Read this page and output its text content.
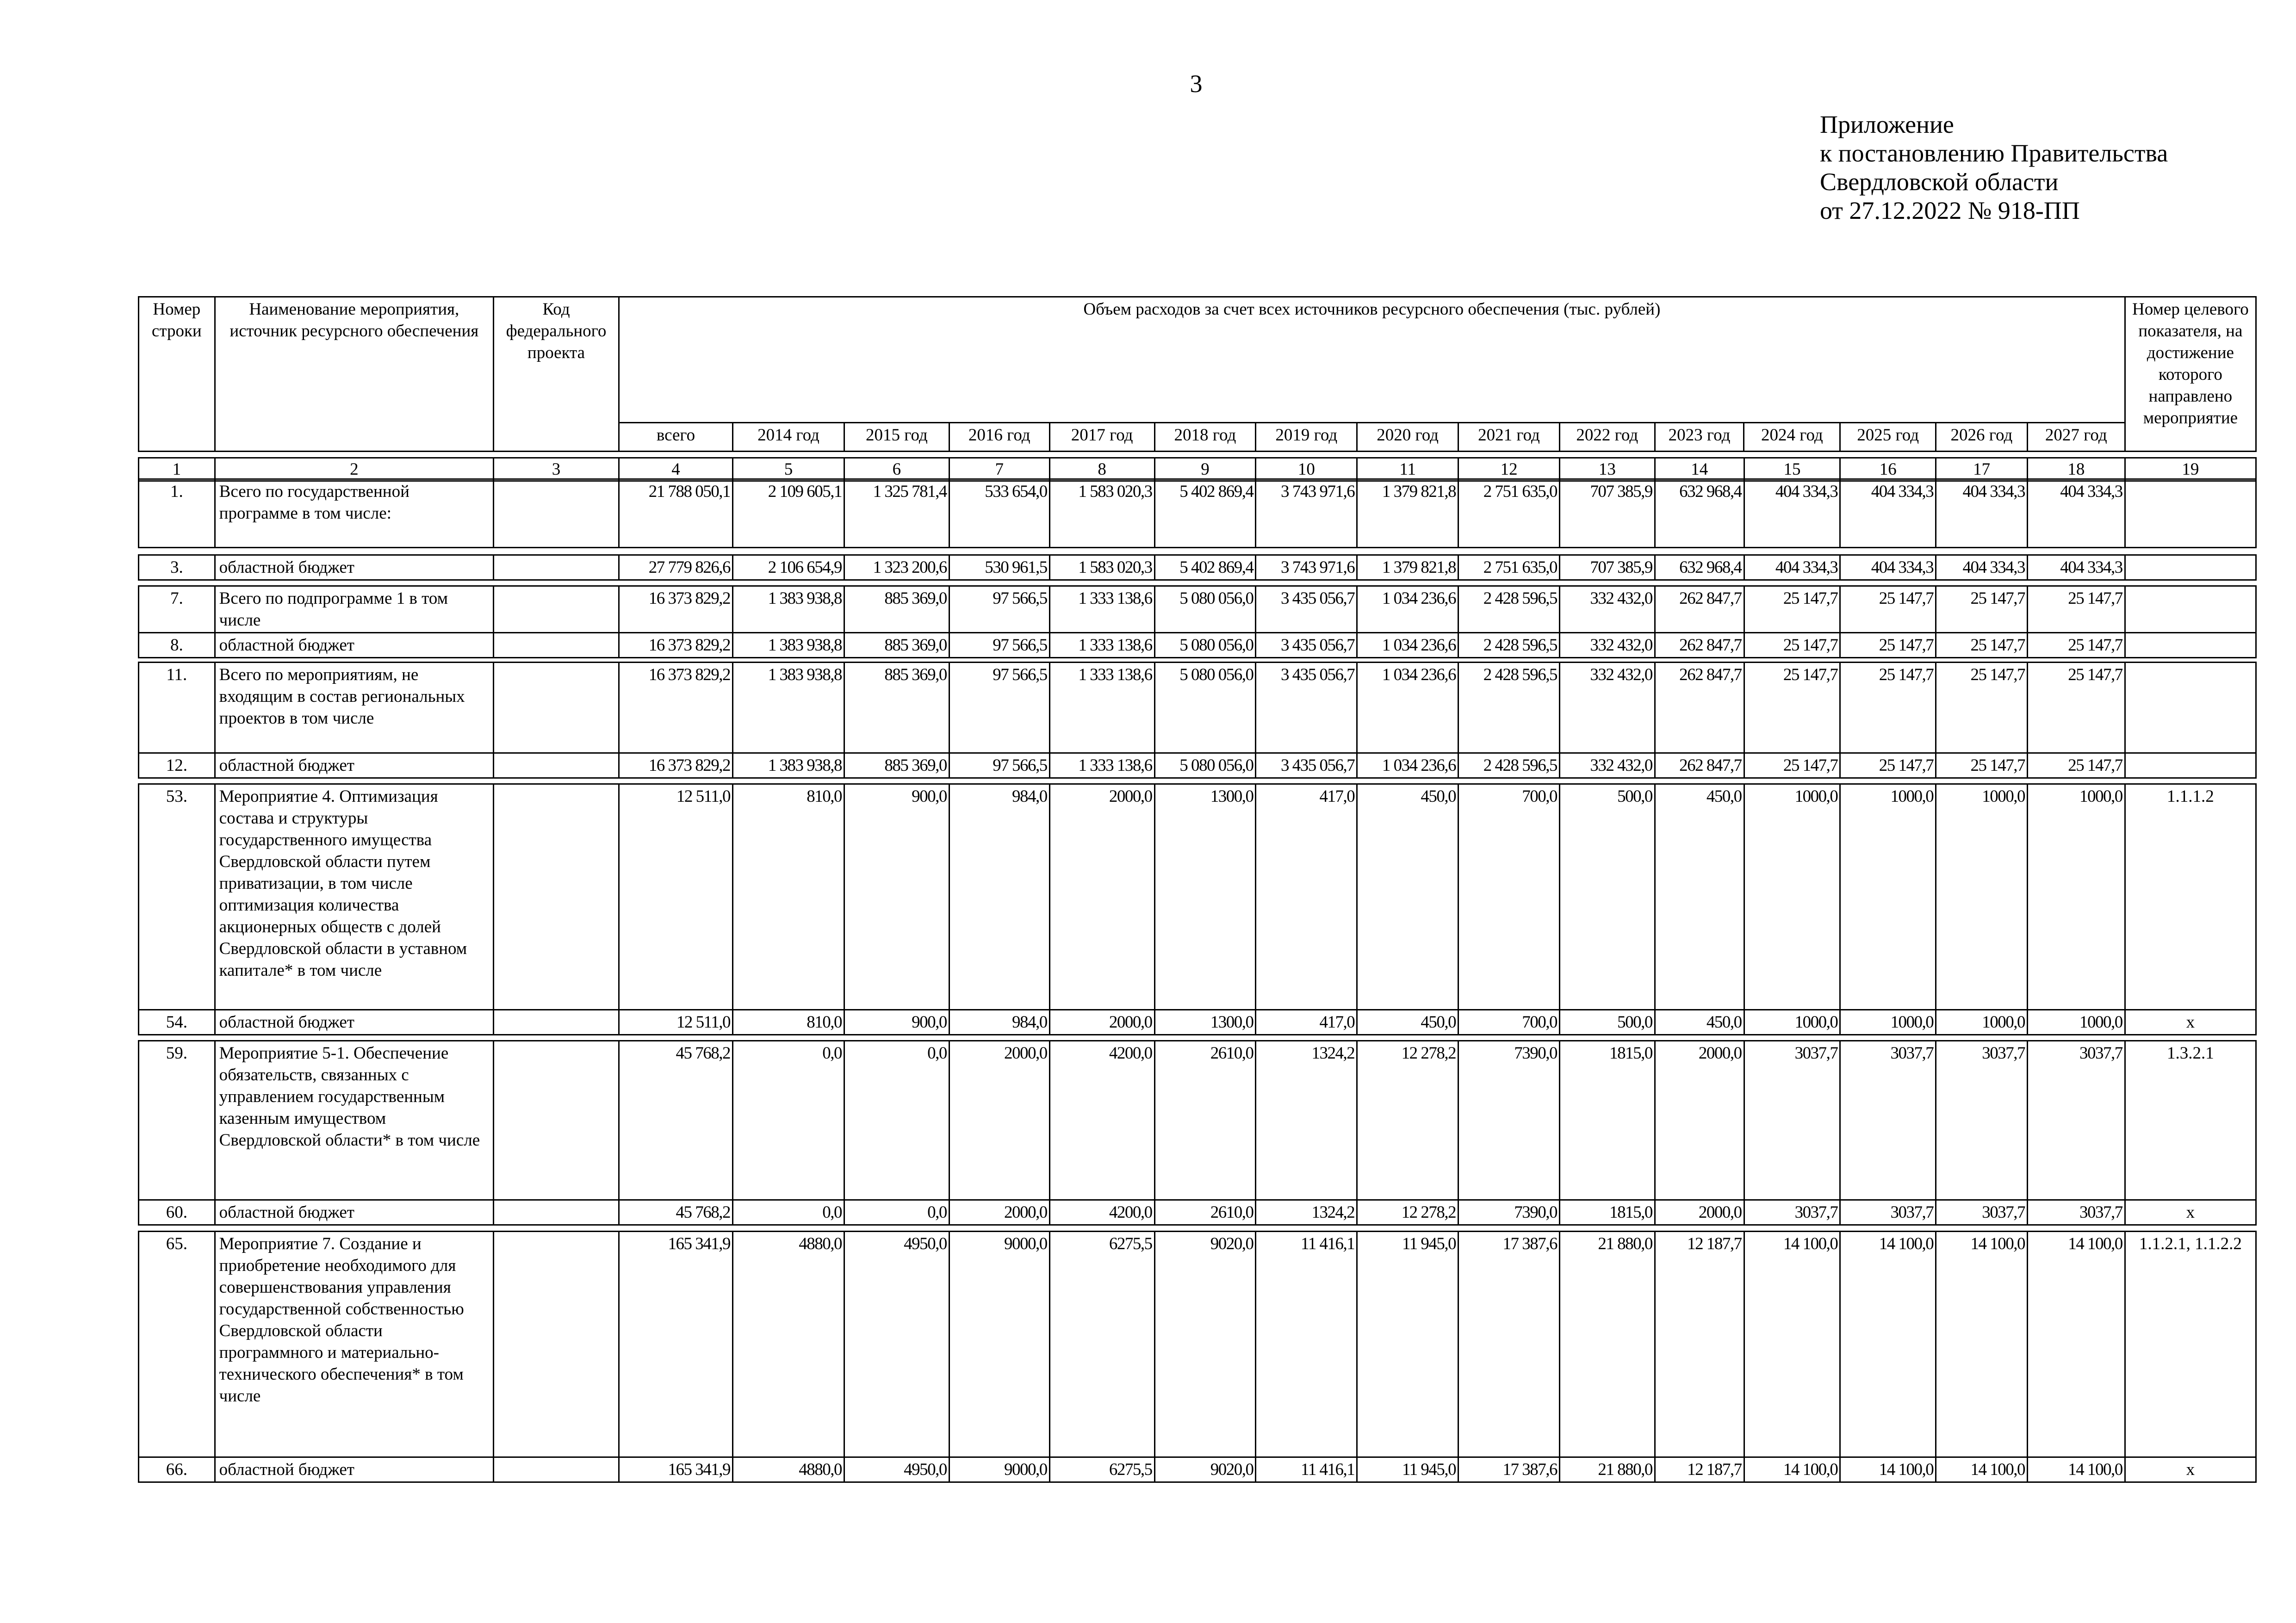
3
Приложение
к постановлению Правительства
Свердловской области
от 27.12.2022 № 918-ПП
Номер строки	Наименование мероприятия, источник ресурсного обеспечения	Код федерального проекта	Объем расходов за счет всех источников ресурсного обеспечения (тыс. рублей)															Номер целевого показателя, на достижение которого направлено мероприятие
			всего	2014 год	2015 год	2016 год	2017 год	2018 год	2019 год	2020 год	2021 год	2022 год	2023 год	2024 год	2025 год	2026 год	2027 год	
1	2	3	4	5	6	7	8	9	10	11	12	13	14	15	16	17	18	19
1.	Всего по государственной программе в том числе:		21 788 050,1	2 109 605,1	1 325 781,4	533 654,0	1 583 020,3	5 402 869,4	3 743 971,6	1 379 821,8	2 751 635,0	707 385,9	632 968,4	404 334,3	404 334,3	404 334,3	404 334,3	
3.	областной бюджет		27 779 826,6	2 106 654,9	1 323 200,6	530 961,5	1 583 020,3	5 402 869,4	3 743 971,6	1 379 821,8	2 751 635,0	707 385,9	632 968,4	404 334,3	404 334,3	404 334,3	404 334,3	
7.	Всего по подпрограмме 1 в том числе		16 373 829,2	1 383 938,8	885 369,0	97 566,5	1 333 138,6	5 080 056,0	3 435 056,7	1 034 236,6	2 428 596,5	332 432,0	262 847,7	25 147,7	25 147,7	25 147,7	25 147,7	
8.	областной бюджет		16 373 829,2	1 383 938,8	885 369,0	97 566,5	1 333 138,6	5 080 056,0	3 435 056,7	1 034 236,6	2 428 596,5	332 432,0	262 847,7	25 147,7	25 147,7	25 147,7	25 147,7	
11.	Всего по мероприятиям, не входящим в состав региональных проектов в том числе		16 373 829,2	1 383 938,8	885 369,0	97 566,5	1 333 138,6	5 080 056,0	3 435 056,7	1 034 236,6	2 428 596,5	332 432,0	262 847,7	25 147,7	25 147,7	25 147,7	25 147,7	
12.	областной бюджет		16 373 829,2	1 383 938,8	885 369,0	97 566,5	1 333 138,6	5 080 056,0	3 435 056,7	1 034 236,6	2 428 596,5	332 432,0	262 847,7	25 147,7	25 147,7	25 147,7	25 147,7	
53.	Мероприятие 4. Оптимизация состава и структуры государственного имущества Свердловской области путем приватизации, в том числе оптимизация количества акционерных обществ с долей Свердловской области в уставном капитале* в том числе		12 511,0	810,0	900,0	984,0	2000,0	1300,0	417,0	450,0	700,0	500,0	450,0	1000,0	1000,0	1000,0	1000,0	1.1.1.2
54.	областной бюджет		12 511,0	810,0	900,0	984,0	2000,0	1300,0	417,0	450,0	700,0	500,0	450,0	1000,0	1000,0	1000,0	1000,0	x
59.	Мероприятие 5-1. Обеспечение обязательств, связанных с управлением государственным казенным имуществом Свердловской области* в том числе		45 768,2	0,0	0,0	2000,0	4200,0	2610,0	1324,2	12 278,2	7390,0	1815,0	2000,0	3037,7	3037,7	3037,7	3037,7	1.3.2.1
60.	областной бюджет		45 768,2	0,0	0,0	2000,0	4200,0	2610,0	1324,2	12 278,2	7390,0	1815,0	2000,0	3037,7	3037,7	3037,7	3037,7	x
65.	Мероприятие 7. Создание и приобретение необходимого для совершенствования управления государственной собственностью Свердловской области программного и материально-технического обеспечения* в том числе		165 341,9	4880,0	4950,0	9000,0	6275,5	9020,0	11 416,1	11 945,0	17 387,6	21 880,0	12 187,7	14 100,0	14 100,0	14 100,0	14 100,0	1.1.2.1, 1.1.2.2
66.	областной бюджет		165 341,9	4880,0	4950,0	9000,0	6275,5	9020,0	11 416,1	11 945,0	17 387,6	21 880,0	12 187,7	14 100,0	14 100,0	14 100,0	14 100,0	x
